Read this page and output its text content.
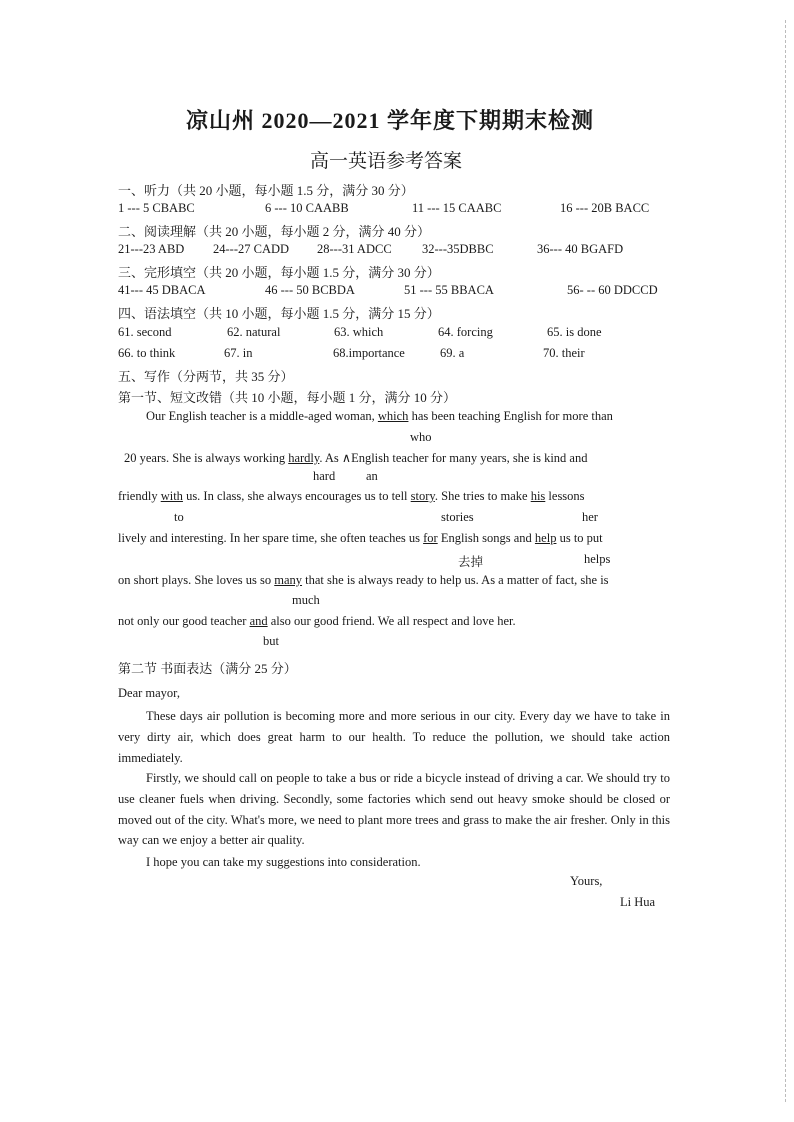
凉山州 2020—2021 学年度下期期末检测
高一英语参考答案
一、听力（共 20 小题，每小题 1.5 分，满分 30 分）
1 --- 5 CBABC	6 --- 10 CAABB	11 --- 15 CAABC	16 --- 20B BACC
二、阅读理解（共 20 小题，每小题 2 分，满分 40 分）
21---23 ABD 24---27 CADD 28---31 ADCC 32---35DBBC	36--- 40 BGAFD
三、完形填空（共 20 小题，每小题 1.5 分，满分 30 分）
41--- 45 DBACA	46 --- 50 BCBDA	51 --- 55 BBACA	56- -- 60 DDCCD
四、语法填空（共 10 小题，每小题 1.5 分，满分 15 分）
61. second	62. natural	63. which	64. forcing	65. is done
66. to think	67. in	68.importance	69. a	70. their
五、写作（分两节，共 35 分）
第一节、短文改错（共 10 小题，每小题 1 分，满分 10 分）
Our English teacher is a middle-aged woman, which has been teaching English for more than
who
20 years. She is always working hardly. As ∧English teacher for many years, she is kind and
hard an
friendly with us. In class, she always encourages us to tell story. She tries to make his lessons
to	stories	her
lively and interesting. In her spare time, she often teaches us for English songs and help us to put
去掉	helps
on short plays. She loves us so many that she is always ready to help us. As a matter of fact, she is
much
not only our good teacher and also our good friend. We all respect and love her.
but
第二节 书面表达（满分 25 分）
Dear mayor,
These days air pollution is becoming more and more serious in our city. Every day we have to take in very dirty air, which does great harm to our health. To reduce the pollution, we should take action immediately.
Firstly, we should call on people to take a bus or ride a bicycle instead of driving a car. We should try to use cleaner fuels when driving. Secondly, some factories which send out heavy smoke should be closed or moved out of the city. What's more, we need to plant more trees and grass to make the air fresher. Only in this way can we enjoy a better air quality.
I hope you can take my suggestions into consideration.
Yours,
Li Hua
